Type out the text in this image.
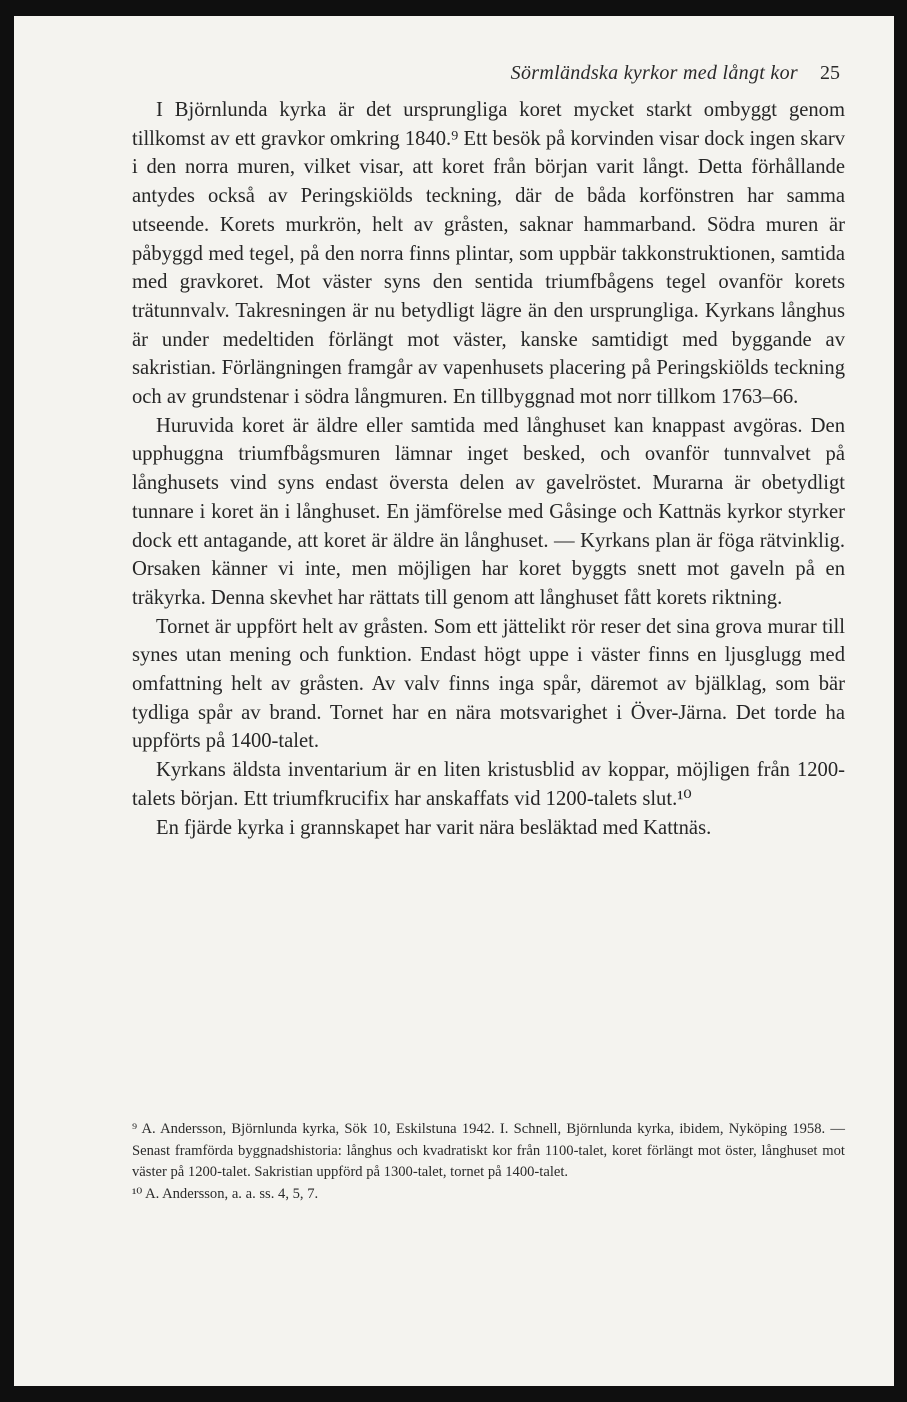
Sörmländska kyrkor med långt kor 25

I Björnlunda kyrka är det ursprungliga koret mycket starkt ombyggt genom tillkomst av ett gravkor omkring 1840.⁹ Ett besök på korvinden visar dock ingen skarv i den norra muren, vilket visar, att koret från början varit långt. Detta förhållande antydes också av Peringskiölds teckning, där de båda korfönstren har samma utseende. Korets murkrön, helt av gråsten, saknar hammarband. Södra muren är påbyggd med tegel, på den norra finns plintar, som uppbär takkonstruktionen, samtida med gravkoret. Mot väster syns den sentida triumfbågens tegel ovanför korets trätunnvalv. Takresningen är nu betydligt lägre än den ursprungliga. Kyrkans långhus är under medeltiden förlängt mot väster, kanske samtidigt med byggande av sakristian. Förlängningen framgår av vapenhusets placering på Peringskiölds teckning och av grundstenar i södra långmuren. En tillbyggnad mot norr tillkom 1763–66.

Huruvida koret är äldre eller samtida med långhuset kan knappast avgöras. Den upphuggna triumfbågsmuren lämnar inget besked, och ovanför tunnvalvet på långhusets vind syns endast översta delen av gavelröstet. Murarna är obetydligt tunnare i koret än i långhuset. En jämförelse med Gåsinge och Kattnäs kyrkor styrker dock ett antagande, att koret är äldre än långhuset. — Kyrkans plan är föga rätvinklig. Orsaken känner vi inte, men möjligen har koret byggts snett mot gaveln på en träkyrka. Denna skevhet har rättats till genom att långhuset fått korets riktning.

Tornet är uppfört helt av gråsten. Som ett jättelikt rör reser det sina grova murar till synes utan mening och funktion. Endast högt uppe i väster finns en ljusglugg med omfattning helt av gråsten. Av valv finns inga spår, däremot av bjälklag, som bär tydliga spår av brand. Tornet har en nära motsvarighet i Över-Järna. Det torde ha uppförts på 1400-talet.

Kyrkans äldsta inventarium är en liten kristusblid av koppar, möjligen från 1200-talets början. Ett triumfkrucifix har anskaffats vid 1200-talets slut.¹⁰

En fjärde kyrka i grannskapet har varit nära besläktad med Kattnäs.

⁹ A. Andersson, Björnlunda kyrka, Sök 10, Eskilstuna 1942. I. Schnell, Björnlunda kyrka, ibidem, Nyköping 1958. — Senast framförda byggnadshistoria: långhus och kvadratiskt kor från 1100-talet, koret förlängt mot öster, långhuset mot väster på 1200-talet. Sakristian uppförd på 1300-talet, tornet på 1400-talet.

¹⁰ A. Andersson, a. a. ss. 4, 5, 7.
